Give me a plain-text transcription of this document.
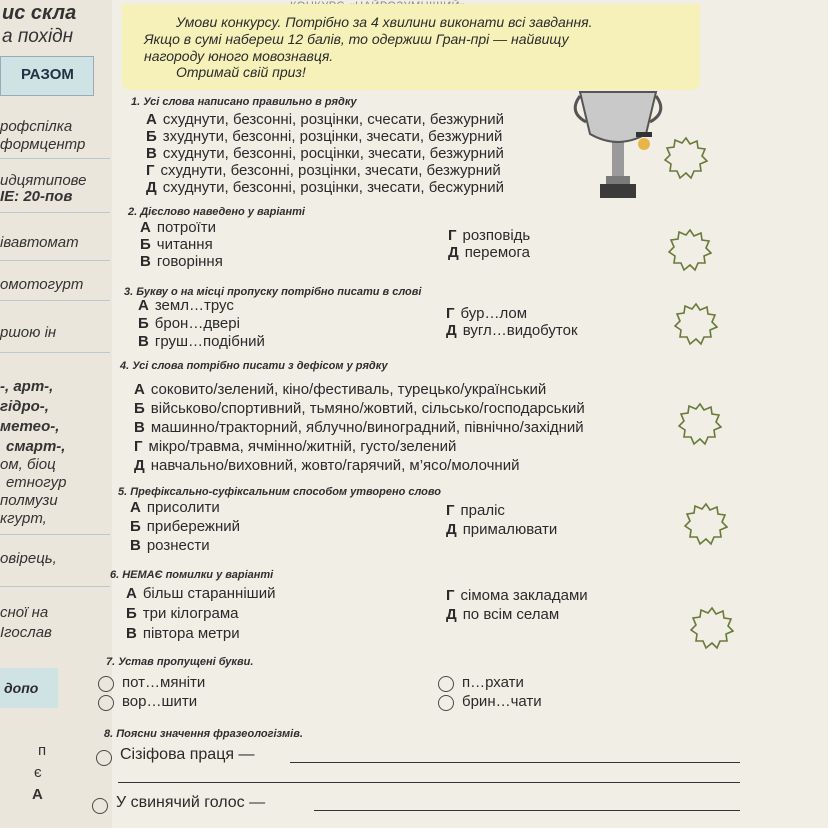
ис скла
а похідн
РАЗОМ
рофспілка
формцентр
идцятипове
ІЕ: 20-пов
івавтомат
омотогурт
ршою ін
-, арт-,
гідро-,
метео-,
смарт-,
ом, біоц
етногур
полмузи
кгурт,
овірець,
сної на
Ігослав
допо
п
є
А
Умови конкурсу. Потрібно за 4 хвилини виконати всі завдання.
Якщо в сумі набереш 12 балів, то одержиш Гран-прі — найвищу
нагороду юного мовознавця.
Отримай свій приз!
1. Усі слова написано правильно в рядку
А схуднути, безсонні, розцінки, счесати, безжурний
Б зхуднути, безсонні, розцінки, зчесати, безжурний
В схуднути, безсонні, росцінки, зчесати, безжурний
Г схуднути, безсонні, розцінки, зчесати, безжурний
Д схуднути, безсонні, розцінки, зчесати, бесжурний
2. Дієслово наведено у варіанті
А потроїти
Б читання
В говоріння
Г розповідь
Д перемога
3. Букву о на місці пропуску потрібно писати в слові
А земл…трус
Б брон…двері
В груш…подібний
Г бур…лом
Д вугл…видобуток
4. Усі слова потрібно писати з дефісом у рядку
А соковито/зелений, кіно/фестиваль, турецько/український
Б військово/спортивний, тьмяно/жовтий, сільсько/господарський
В машинно/тракторний, яблучно/виноградний, північно/західний
Г мікро/травма, ячмінно/житній, густо/зелений
Д навчально/виховний, жовто/гарячий, м’ясо/молочний
5. Префіксально-суфіксальним способом утворено слово
А присолити
Б прибережний
В рознести
Г праліс
Д прималювати
6. НЕМАЄ помилки у варіанті
А більш старанніший
Б три кілограма
В півтора метри
Г сімома закладами
Д по всім селам
7. Устав пропущені букви.
пот…мяніти
вор…шити
п…рхати
брин…чати
8. Поясни значення фразеологізмів.
Сізіфова праця —
У свинячий голос —
